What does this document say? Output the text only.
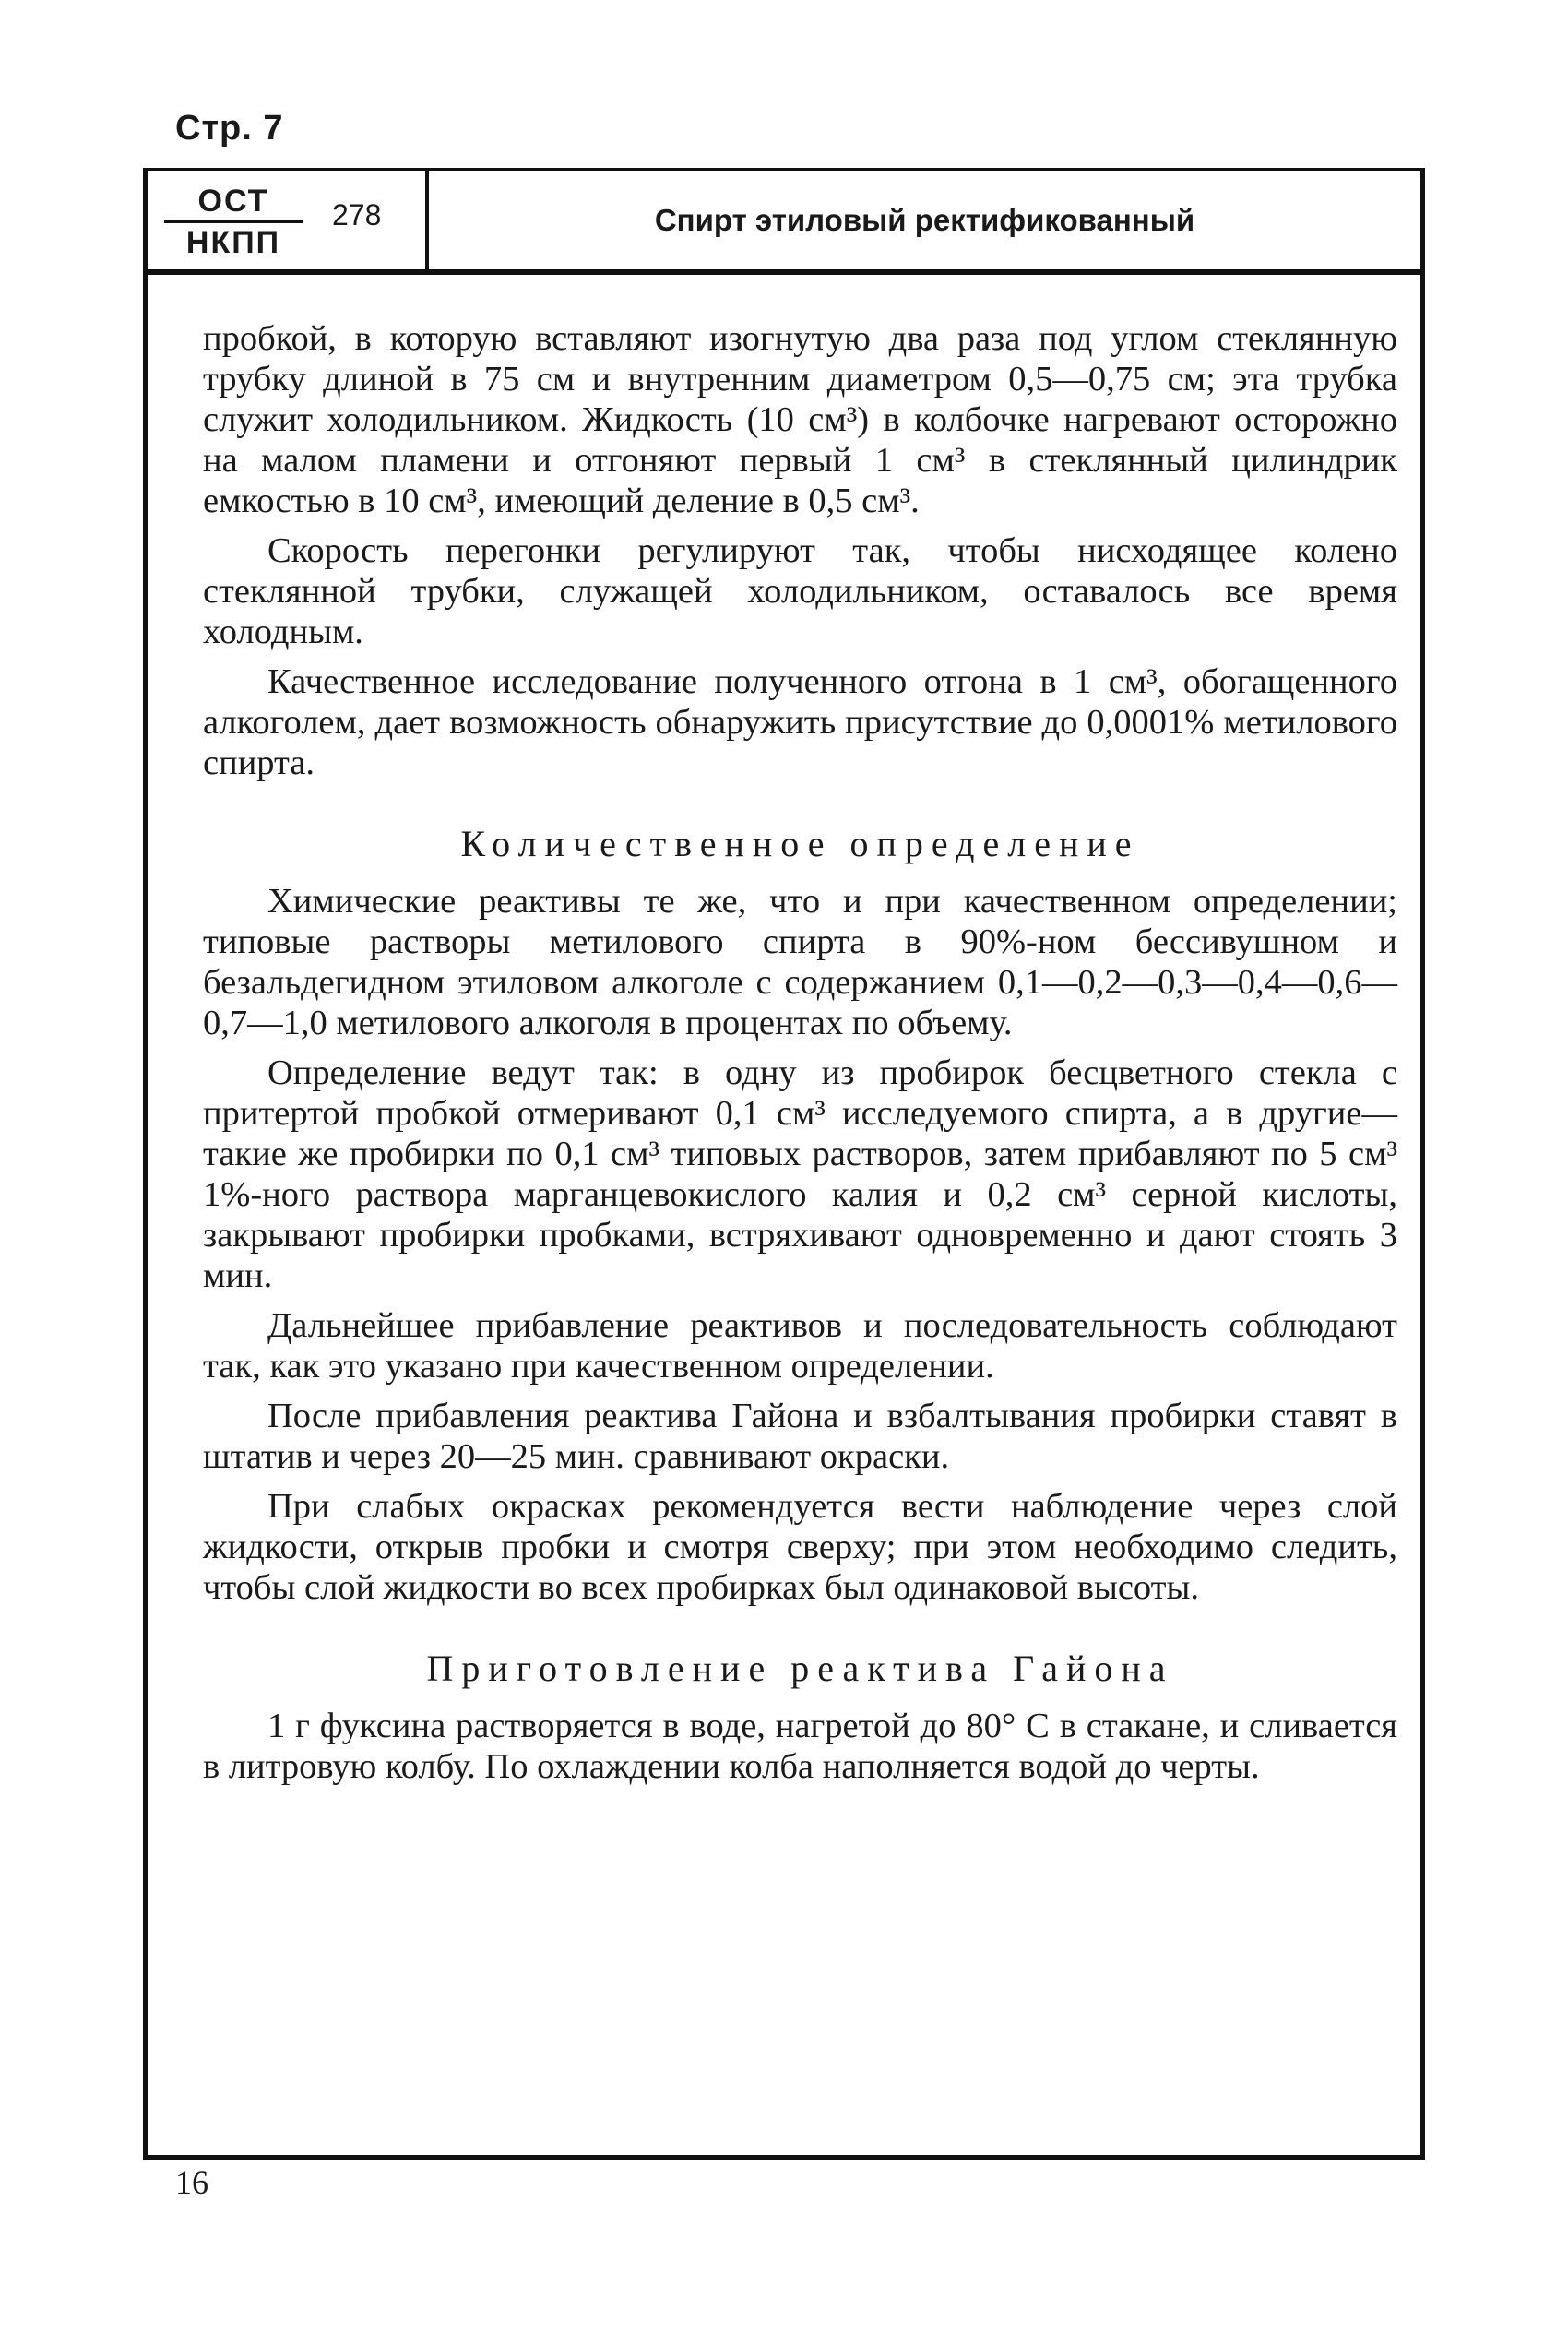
Стр. 7
ОСТ
НКПП
278	Спирт этиловый ректификованный

пробкой, в которую вставляют изогнутую два раза под углом стеклянную трубку длиной в 75 см и внутренним диаметром 0,5—0,75 см; эта трубка служит холодильником. Жидкость (10 см³) в колбочке нагревают осторожно на малом пламени и отгоняют первый 1 см³ в стеклянный цилиндрик емкостью в 10 см³, имеющий деление в 0,5 см³.

Скорость перегонки регулируют так, чтобы нисходящее колено стеклянной трубки, служащей холодильником, оставалось все время холодным.

Качественное исследование полученного отгона в 1 см³, обогащенного алкоголем, дает возможность обнаружить присутствие до 0,0001% метилового спирта.

Количественное определение

Химические реактивы те же, что и при качественном определении; типовые растворы метилового спирта в 90%-ном бессивушном и безальдегидном этиловом алкоголе с содержанием 0,1—0,2—0,3—0,4—0,6—0,7—1,0 метилового алкоголя в процентах по объему.

Определение ведут так: в одну из пробирок бесцветного стекла с притертой пробкой отмеривают 0,1 см³ исследуемого спирта, а в другие—такие же пробирки по 0,1 см³ типовых растворов, затем прибавляют по 5 см³ 1%-ного раствора марганцевокислого калия и 0,2 см³ серной кислоты, закрывают пробирки пробками, встряхивают одновременно и дают стоять 3 мин.

Дальнейшее прибавление реактивов и последовательность соблюдают так, как это указано при качественном определении.

После прибавления реактива Гайона и взбалтывания пробирки ставят в штатив и через 20—25 мин. сравнивают окраски.

При слабых окрасках рекомендуется вести наблюдение через слой жидкости, открыв пробки и смотря сверху; при этом необходимо следить, чтобы слой жидкости во всех пробирках был одинаковой высоты.

Приготовление реактива Гайона

1 г фуксина растворяется в воде, нагретой до 80° С в стакане, и сливается в литровую колбу. По охлаждении колба наполняется водой до черты.

16
